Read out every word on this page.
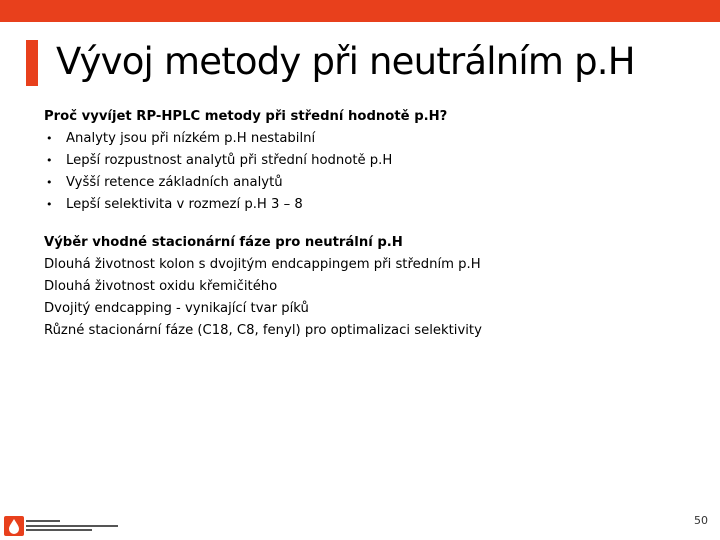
Vývoj metody při neutrálním p.H
Proč vyvíjet RP-HPLC metody při střední hodnotě p.H?
• Analyty jsou při nízkém p.H nestabilní
• Lepší rozpustnost analytů při střední hodnotě p.H
• Vyšší retence základních analytů
• Lepší selektivita v rozmezí p.H 3 – 8
Výběr vhodné stacionární fáze pro neutrální p.H
Dlouhá životnost kolon s dvojitým endcappingem při středním p.H
Dlouhá životnost oxidu křemičitého
Dvojitý endcapping - vynikající tvar píků
Různé stacionární fáze (C18, C8, fenyl) pro optimalizaci selektivity
50
